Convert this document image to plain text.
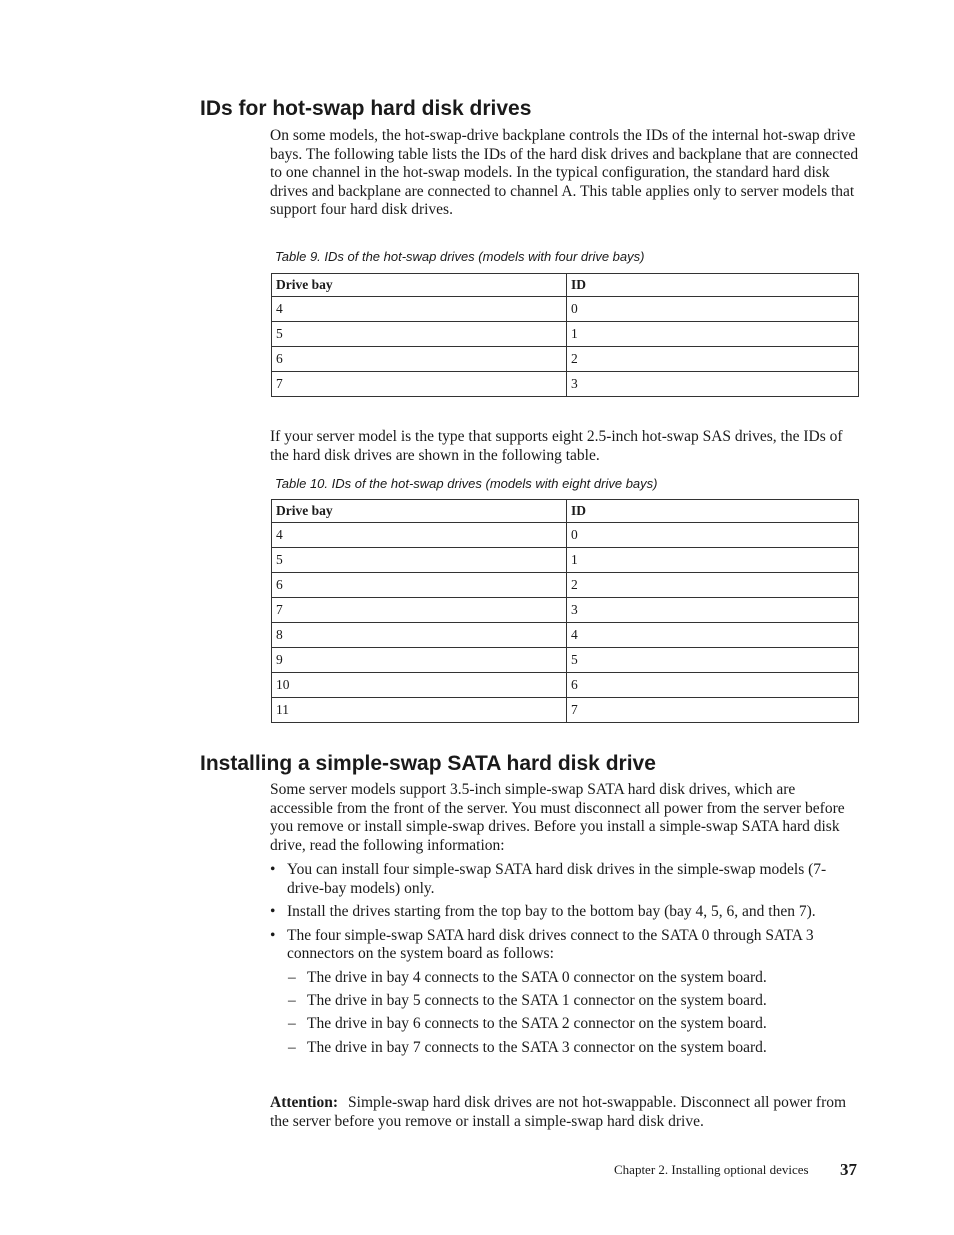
IDs for hot-swap hard disk drives

On some models, the hot-swap-drive backplane controls the IDs of the internal hot-swap drive bays. The following table lists the IDs of the hard disk drives and backplane that are connected to one channel in the hot-swap models. In the typical configuration, the standard hard disk drives and backplane are connected to channel A. This table applies only to server models that support four hard disk drives.

Table 9. IDs of the hot-swap drives (models with four drive bays)

Drive bay	ID
4	0
5	1
6	2
7	3

If your server model is the type that supports eight 2.5-inch hot-swap SAS drives, the IDs of the hard disk drives are shown in the following table.

Table 10. IDs of the hot-swap drives (models with eight drive bays)

Drive bay	ID
4	0
5	1
6	2
7	3
8	4
9	5
10	6
11	7
Installing a simple-swap SATA hard disk drive

Some server models support 3.5-inch simple-swap SATA hard disk drives, which are accessible from the front of the server. You must disconnect all power from the server before you remove or install simple-swap drives. Before you install a simple-swap SATA hard disk drive, read the following information:

• You can install four simple-swap SATA hard disk drives in the simple-swap models (7-drive-bay models) only.
• Install the drives starting from the top bay to the bottom bay (bay 4, 5, 6, and then 7).
• The four simple-swap SATA hard disk drives connect to the SATA 0 through SATA 3 connectors on the system board as follows:
– The drive in bay 4 connects to the SATA 0 connector on the system board.
– The drive in bay 5 connects to the SATA 1 connector on the system board.
– The drive in bay 6 connects to the SATA 2 connector on the system board.
– The drive in bay 7 connects to the SATA 3 connector on the system board.

Attention: Simple-swap hard disk drives are not hot-swappable. Disconnect all power from the server before you remove or install a simple-swap hard disk drive.

Chapter 2. Installing optional devices 37
